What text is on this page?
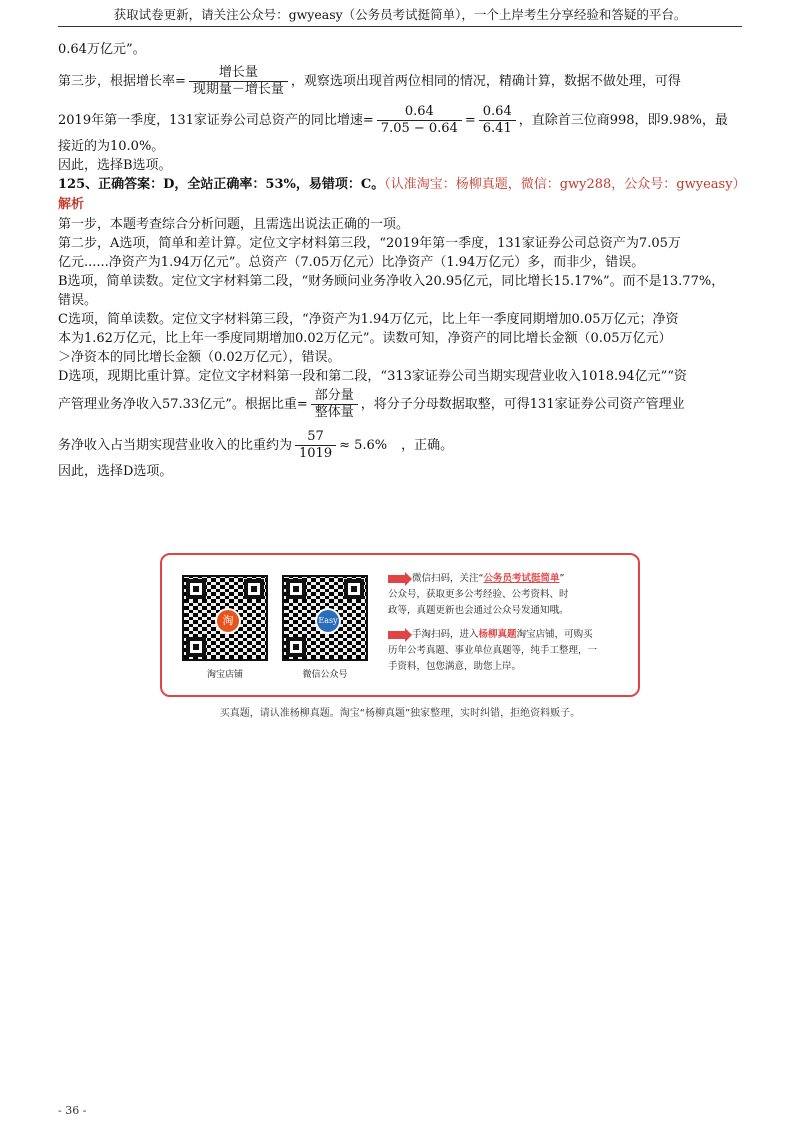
获取试卷更新，请关注公众号：gwyeasy（公务员考试挺简单），一个上岸考生分享经验和答疑的平台。

0.64万亿元”。

第三步，根据增长率= $\frac{\text{增长量}}{\text{现期量－增长量}}$ ，观察选项出现首两位相同的情况，精确计算，数据不做处理，可得
2019年第一季度，131家证券公司总资产的同比增速= $\frac{0.64}{7.05 - 0.64} = \frac{0.64}{6.41}$ ，直除首三位商998，即9.98%，最

接近的为10.0%。

因此，选择B选项。

125、正确答案：D，全站正确率：53%，易错项：C。（认准淘宝：杨柳真题，微信：gwy288，公众号：gwyeasy）
解析

第一步，本题考查综合分析问题，且需选出说法正确的一项。

第二步，A选项，简单和差计算。定位文字材料第三段，“2019年第一季度，131家证券公司总资产为7.05万

亿元......净资产为1.94万亿元”。总资产（7.05万亿元）比净资产（1.94万亿元）多，而非少，错误。

B选项，简单读数。定位文字材料第二段，“财务顾问业务净收入20.95亿元，同比增长15.17%”。而不是13.77%，

错误。

C选项，简单读数。定位文字材料第三段，“净资产为1.94万亿元，比上年一季度同期增加0.05万亿元；净资

本为1.62万亿元，比上年一季度同期增加0.02万亿元”。读数可知，净资产的同比增长金额（0.05万亿元）

＞净资本的同比增长金额（0.02万亿元），错误。

D选项，现期比重计算。定位文字材料第一段和第二段，“313家证券公司当期实现营业收入1018.94亿元”“资

产管理业务净收入57.33亿元”。根据比重= $\frac{\text{部分量}}{\text{整体量}}$ ，将分子分母数据取整，可得131家证券公司资产管理业
务净收入占当期实现营业收入的比重约为 $\frac{57}{1019} \approx 5.6\%$ ，正确。

因此，选择D选项。

淘
淘宝店铺
Easy
微信公众号
微信扫码，关注“公务员考试挺简单”
公众号，获取更多公考经验、公考资料、时
政等，真题更新也会通过公众号发通知哦。
手淘扫码，进入杨柳真题淘宝店铺，可购买
历年公考真题、事业单位真题等，纯手工整理，一
手资料，包您满意，助您上岸。
买真题，请认准杨柳真题。淘宝“杨柳真题”独家整理，实时纠错，拒绝资料贩子。
- 36 -
